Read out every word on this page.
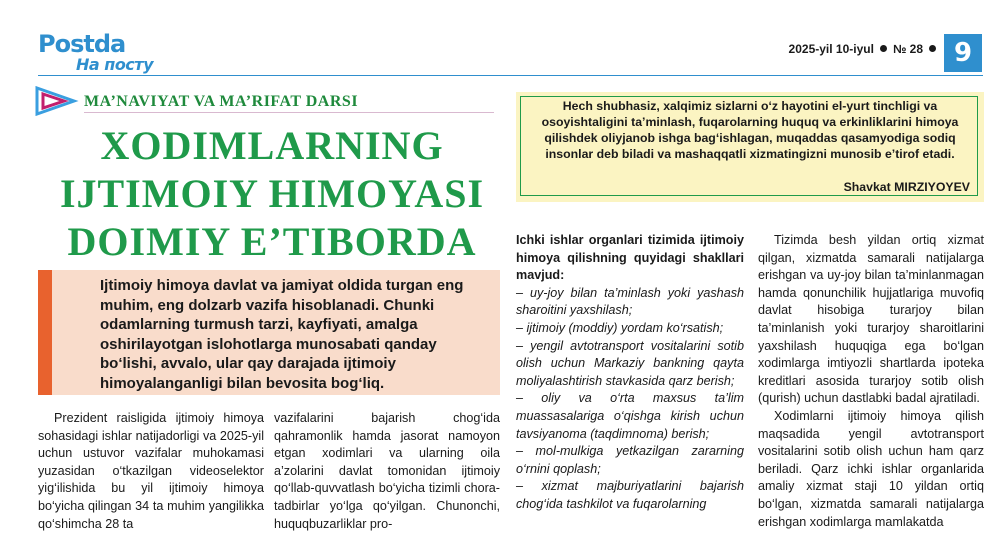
Postda
На посту
2025-yil 10-iyul № 28	9
MA’NAVIYAT VA MA’RIFAT DARSI
XODIMLARNING
IJTIMOIY HIMOYASI
DOIMIY E’TIBORDA
Ijtimoiy himoya davlat va jamiyat oldida turgan eng muhim, eng dolzarb vazifa hisoblanadi. Chunki odamlarning turmush tarzi, kayfiyati, amalga oshirilayotgan islohotlarga munosabati qanday bo‘lishi, avvalo, ular qay darajada ijtimoiy himoyalanganligi bilan bevosita bog‘liq.
Hech shubhasiz, xalqimiz sizlarni o‘z hayotini el-yurt tinchligi va osoyishtaligini ta’minlash, fuqarolarning huquq va erkinliklarini himoya qilishdek oliyjanob ishga bag‘ishlagan, muqaddas qasamyodiga sodiq insonlar deb biladi va mashaqqatli xizmatingizni munosib e’tirof etadi.
Shavkat MIRZIYOYEV

Prezident raisligida ijtimoiy himoya sohasidagi ishlar natijadorligi va 2025-yil uchun ustuvor vazifalar muhokamasi yuzasidan o‘tkazilgan videoselektor yig‘ilishida bu yil ijtimoiy himoya bo‘yicha qilingan 34 ta muhim yangilikka qo‘shimcha 28 ta

vazifalarini bajarish chog‘ida qahramonlik hamda jasorat namoyon etgan xodimlari va ularning oila a’zolarini davlat tomonidan ijtimoiy qo‘llab-quvvatlash bo‘yicha tizimli chora-tadbirlar yo‘lga qo‘yilgan. Chunonchi, huquqbuzarliklar pro-

Ichki ishlar organlari tizimida ijtimoiy himoya qilishning quyidagi shakllari mavjud:

– uy-joy bilan ta’minlash yoki yashash sharoitini yaxshilash;

– ijtimoiy (moddiy) yordam ko‘rsatish;

– yengil avtotransport vositalarini sotib olish uchun Markaziy bankning qayta moliyalashtirish stavkasida qarz berish;

– oliy va o‘rta maxsus ta’lim muassasalariga o‘qishga kirish uchun tavsiyanoma (taqdimnoma) berish;

– mol-mulkiga yetkazilgan zararning o‘rnini qoplash;

– xizmat majburiyatlarini bajarish chog‘ida tashkilot va fuqarolarning

Tizimda besh yildan ortiq xizmat qilgan, xizmatda samarali natijalarga erishgan va uy-joy bilan ta’minlanmagan hamda qonunchilik hujjatlariga muvofiq davlat hisobiga turarjoy bilan ta’minlanish yoki turarjoy sharoitlarini yaxshilash huquqiga ega bo‘lgan xodimlarga imtiyozli shartlarda ipoteka kreditlari asosida turarjoy sotib olish (qurish) uchun dastlabki badal ajratiladi.

Xodimlarni ijtimoiy himoya qilish maqsadida yengil avtotransport vositalarini sotib olish uchun ham qarz beriladi. Qarz ichki ishlar organlarida amaliy xizmat staji 10 yildan ortiq bo‘lgan, xizmatda samarali natijalarga erishgan xodimlarga mamlakatda
